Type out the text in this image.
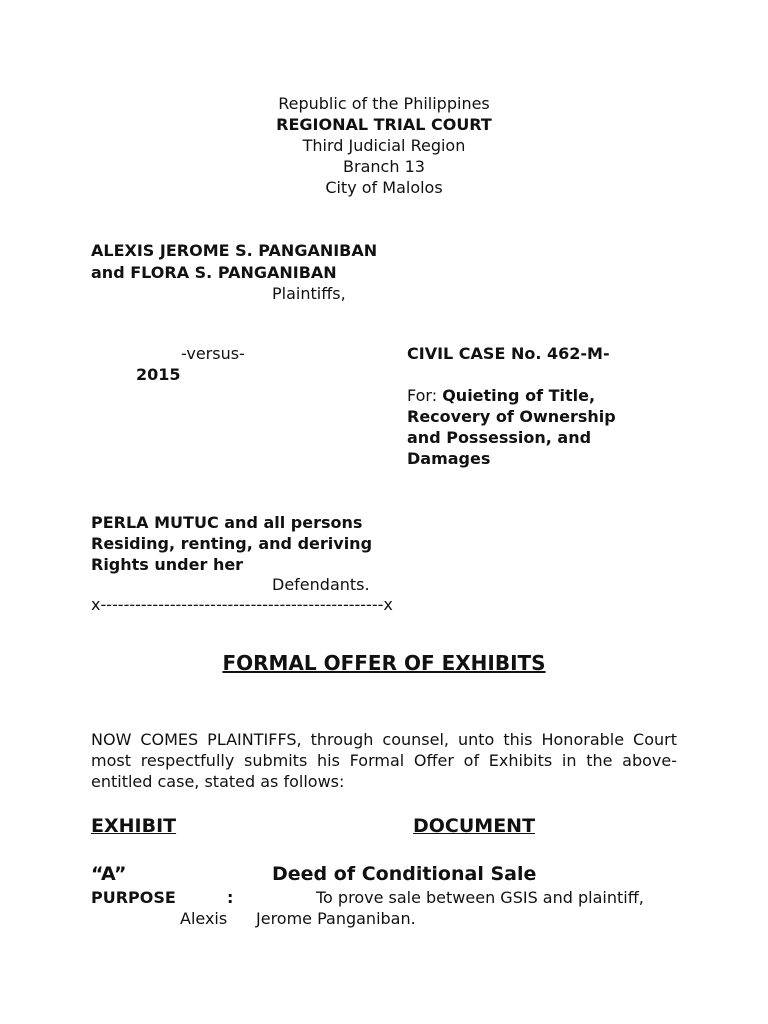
Republic of the Philippines
REGIONAL TRIAL COURT
Third Judicial Region
Branch 13
City of Malolos
ALEXIS JEROME S. PANGANIBAN
and FLORA S. PANGANIBAN
Plaintiffs,
-versus-	CIVIL CASE No. 462-M-
2015
For: Quieting of Title,
Recovery of Ownership
and Possession, and
Damages
PERLA MUTUC and all persons
Residing, renting, and deriving
Rights under her
Defendants.
x-------------------------------------------------x
FORMAL OFFER OF EXHIBITS
NOW COMES PLAINTIFFS, through counsel, unto this Honorable Court most respectfully submits his Formal Offer of Exhibits in the above-entitled case, stated as follows:
EXHIBIT	DOCUMENT
“A”	Deed of Conditional Sale
PURPOSE	:	To prove sale between GSIS and plaintiff,
Alexis Jerome Panganiban.
